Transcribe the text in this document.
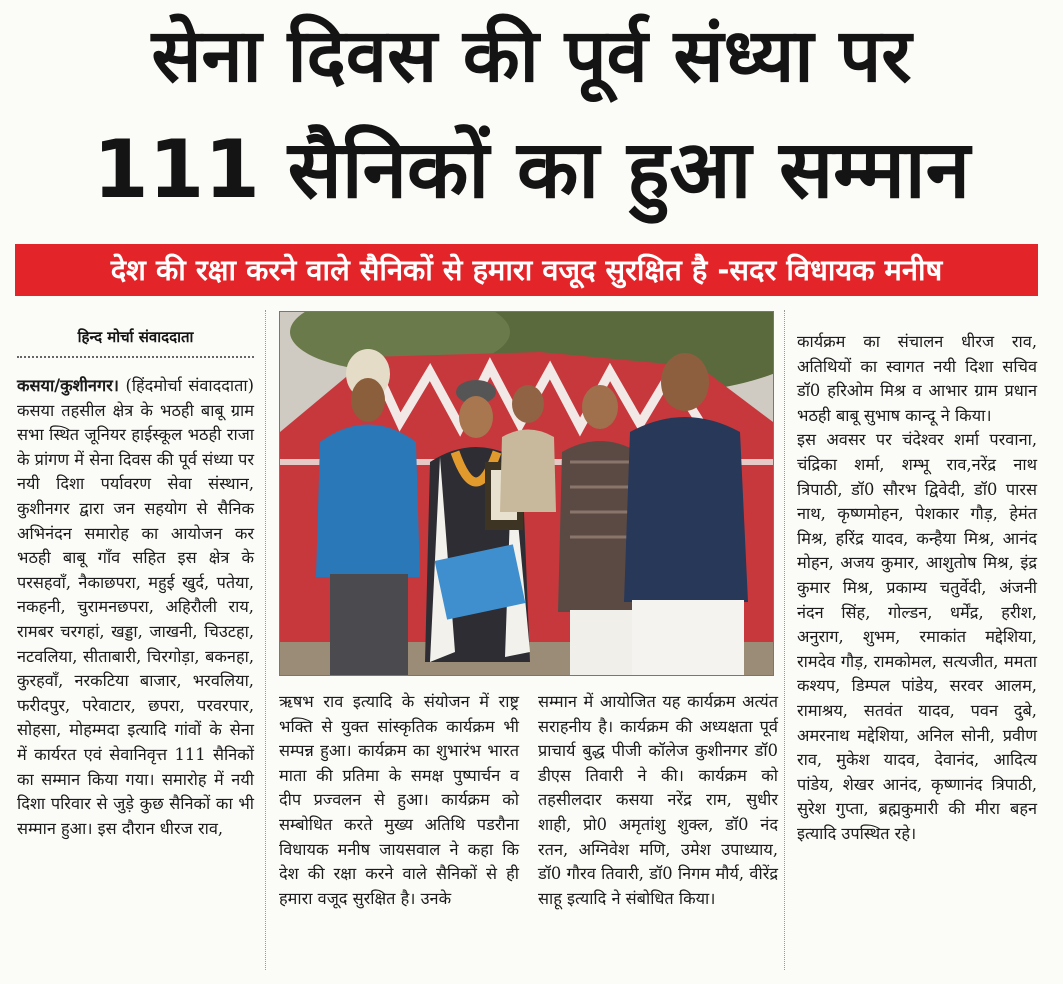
सेना दिवस की पूर्व संध्या पर
111 सैनिकों का हुआ सम्मान
देश की रक्षा करने वाले सैनिकों से हमारा वजूद सुरक्षित है -सदर विधायक मनीष
हिन्द मोर्चा संवाददाता

कसया/कुशीनगर। (हिंदमोर्चा संवाददाता) कसया तहसील क्षेत्र के भठही बाबू ग्राम सभा स्थित जूनियर हाईस्कूल भठही राजा के प्रांगण में सेना दिवस की पूर्व संध्या पर नयी दिशा पर्यावरण सेवा संस्थान, कुशीनगर द्वारा जन सहयोग से सैनिक अभिनंदन समारोह का आयोजन कर भठही बाबू गाँव सहित इस क्षेत्र के परसहवाँ, नैकाछपरा, महुई खुर्द, पतेया, नकहनी, चुरामनछपरा, अहिरौली राय, रामबर चरगहां, खड्डा, जाखनी, चिउटहा, नटवलिया, सीताबारी, चिरगोड़ा, बकनहा, कुरहवाँ, नरकटिया बाजार, भरवलिया, फरीदपुर, परेवाटार, छपरा, परवरपार, सोहसा, मोहम्मदा इत्यादि गांवों के सेना में कार्यरत एवं सेवानिवृत्त 111 सैनिकों का सम्मान किया गया। समारोह में नयी दिशा परिवार से जुड़े कुछ सैनिकों का भी सम्मान हुआ। इस दौरान धीरज राव,

ऋषभ राव इत्यादि के संयोजन में राष्ट्र भक्ति से युक्त सांस्कृतिक कार्यक्रम भी सम्पन्न हुआ। कार्यक्रम का शुभारंभ भारत माता की प्रतिमा के समक्ष पुष्पार्चन व दीप प्रज्वलन से हुआ। कार्यक्रम को सम्बोधित करते मुख्य अतिथि पडरौना विधायक मनीष जायसवाल ने कहा कि देश की रक्षा करने वाले सैनिकों से ही हमारा वजूद सुरक्षित है। उनके

सम्मान में आयोजित यह कार्यक्रम अत्यंत सराहनीय है। कार्यक्रम की अध्यक्षता पूर्व प्राचार्य बुद्ध पीजी कॉलेज कुशीनगर डॉ0 डीएस तिवारी ने की। कार्यक्रम को तहसीलदार कसया नरेंद्र राम, सुधीर शाही, प्रो0 अमृतांशु शुक्ल, डॉ0 नंद रतन, अग्निवेश मणि, उमेश उपाध्याय, डॉ0 गौरव तिवारी, डॉ0 निगम मौर्य, वीरेंद्र साहू इत्यादि ने संबोधित किया।

कार्यक्रम का संचालन धीरज राव, अतिथियों का स्वागत नयी दिशा सचिव डॉ0 हरिओम मिश्र व आभार ग्राम प्रधान भठही बाबू सुभाष कान्दू ने किया।

इस अवसर पर चंदेश्वर शर्मा परवाना, चंद्रिका शर्मा, शम्भू राव,नरेंद्र नाथ त्रिपाठी, डॉ0 सौरभ द्विवेदी, डॉ0 पारस नाथ, कृष्णमोहन, पेशकार गौड़, हेमंत मिश्र, हरिंद्र यादव, कन्हैया मिश्र, आनंद मोहन, अजय कुमार, आशुतोष मिश्र, इंद्र कुमार मिश्र, प्रकाम्य चतुर्वेदी, अंजनी नंदन सिंह, गोल्डन, धर्मेंद्र, हरीश, अनुराग, शुभम, रमाकांत मद्देशिया, रामदेव गौड़, रामकोमल, सत्यजीत, ममता कश्यप, डिम्पल पांडेय, सरवर आलम, रामाश्रय, सतवंत यादव, पवन दुबे, अमरनाथ मद्देशिया, अनिल सोनी, प्रवीण राव, मुकेश यादव, देवानंद, आदित्य पांडेय, शेखर आनंद, कृष्णानंद त्रिपाठी, सुरेश गुप्ता, ब्रह्मकुमारी की मीरा बहन इत्यादि उपस्थित रहे।
